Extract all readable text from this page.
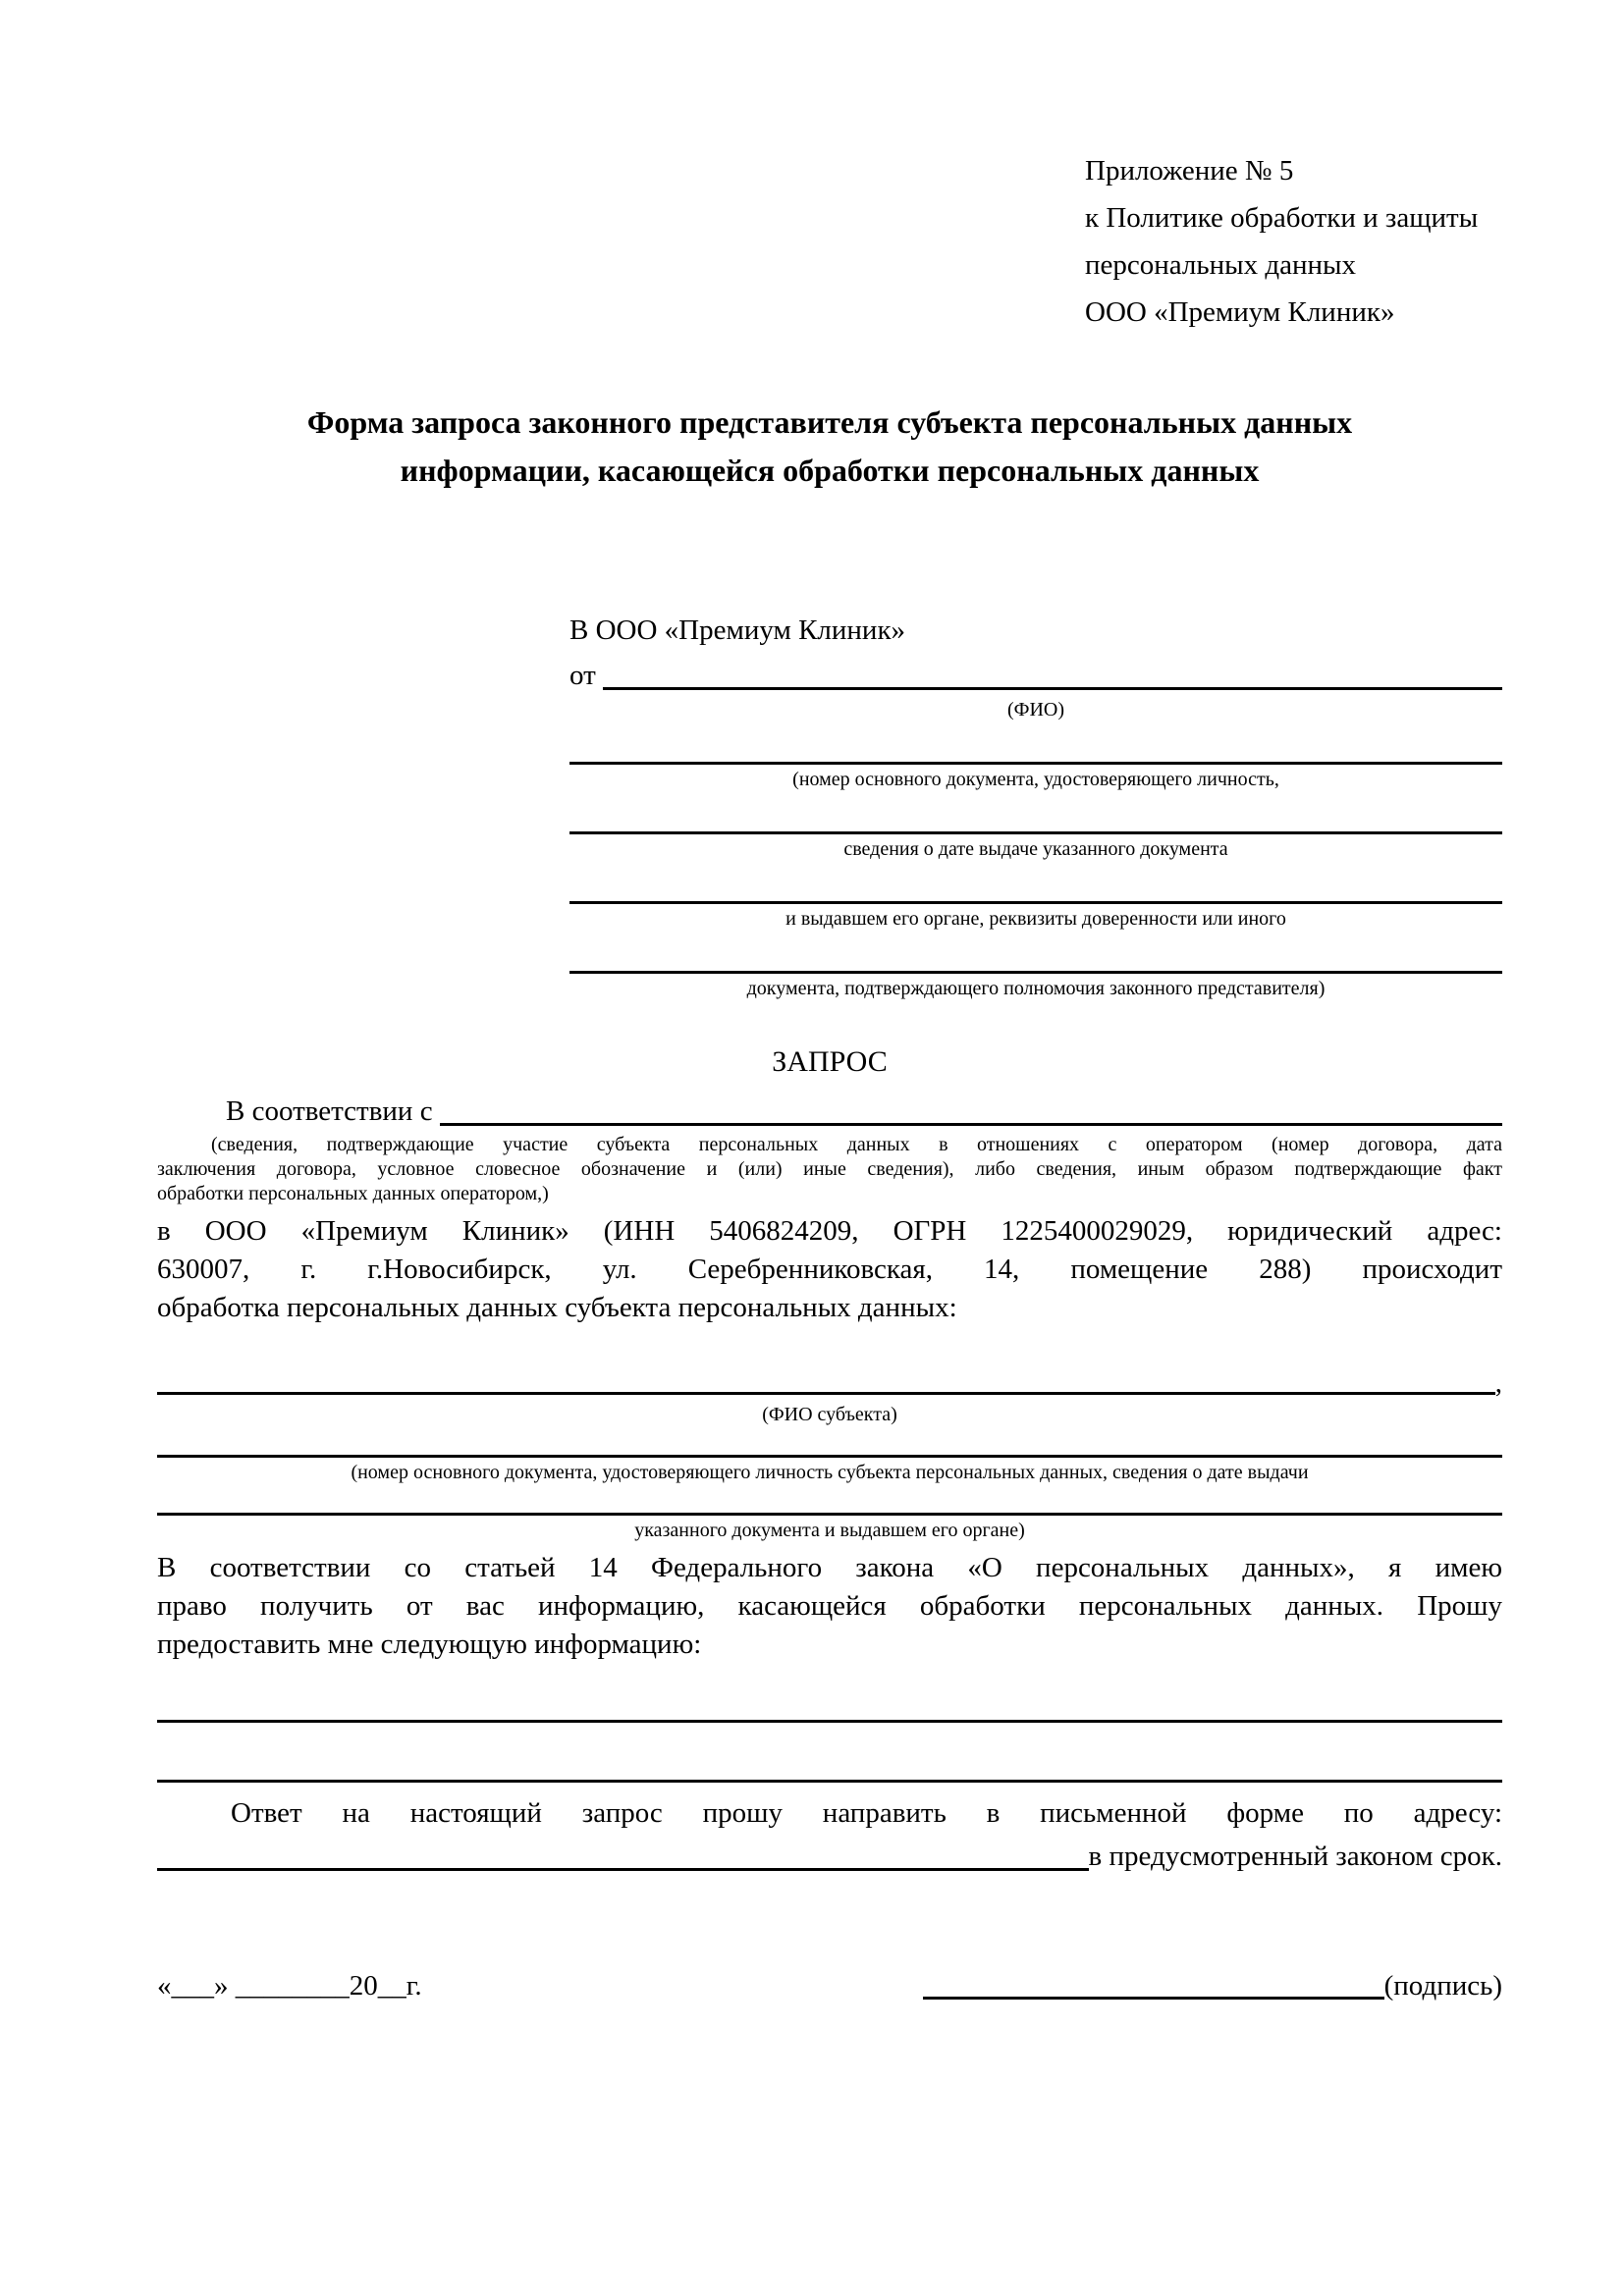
Приложение № 5
к Политике обработки и защиты
персональных данных
ООО «Премиум Клиник»
Форма запроса законного представителя субъекта персональных данных
информации, касающейся обработки персональных данных
В ООО «Премиум Клиник»
от
(ФИО)
(номер основного документа, удостоверяющего личность,
сведения о дате выдаче указанного документа
и выдавшем его органе, реквизиты доверенности или иного
документа, подтверждающего полномочия законного представителя)
ЗАПРОС
В соответствии с
(сведения, подтверждающие участие субъекта персональных данных в отношениях с оператором (номер договора, дата
заключения договора, условное словесное обозначение и (или) иные сведения), либо сведения, иным образом подтверждающие факт
обработки персональных данных оператором,)
в ООО «Премиум Клиник» (ИНН 5406824209, ОГРН 1225400029029, юридический адрес:
630007, г. г.Новосибирск, ул. Серебренниковская, 14, помещение 288) происходит
обработка персональных данных субъекта персональных данных:
,
(ФИО субъекта)
(номер основного документа, удостоверяющего личность субъекта персональных данных, сведения о дате выдачи
указанного документа и выдавшем его органе)
В соответствии со статьей 14 Федерального закона «О персональных данных», я имею
право получить от вас информацию, касающейся обработки персональных данных. Прошу
предоставить мне следующую информацию:
Ответ на настоящий запрос прошу направить в письменной форме по адресу:
в предусмотренный законом срок.
«___» ________20__г.	(подпись)
